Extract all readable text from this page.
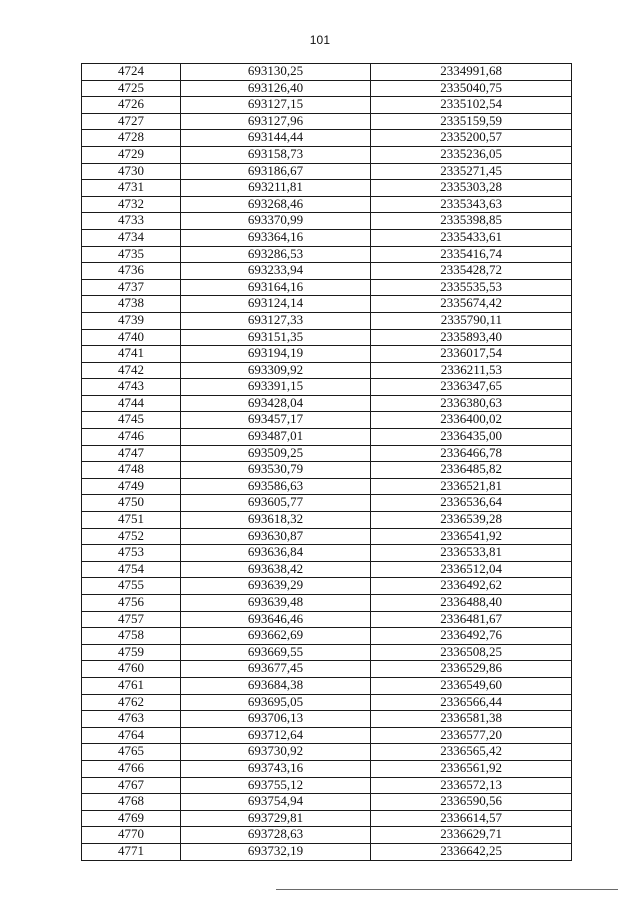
101
4724	693130,25	2334991,68
4725	693126,40	2335040,75
4726	693127,15	2335102,54
4727	693127,96	2335159,59
4728	693144,44	2335200,57
4729	693158,73	2335236,05
4730	693186,67	2335271,45
4731	693211,81	2335303,28
4732	693268,46	2335343,63
4733	693370,99	2335398,85
4734	693364,16	2335433,61
4735	693286,53	2335416,74
4736	693233,94	2335428,72
4737	693164,16	2335535,53
4738	693124,14	2335674,42
4739	693127,33	2335790,11
4740	693151,35	2335893,40
4741	693194,19	2336017,54
4742	693309,92	2336211,53
4743	693391,15	2336347,65
4744	693428,04	2336380,63
4745	693457,17	2336400,02
4746	693487,01	2336435,00
4747	693509,25	2336466,78
4748	693530,79	2336485,82
4749	693586,63	2336521,81
4750	693605,77	2336536,64
4751	693618,32	2336539,28
4752	693630,87	2336541,92
4753	693636,84	2336533,81
4754	693638,42	2336512,04
4755	693639,29	2336492,62
4756	693639,48	2336488,40
4757	693646,46	2336481,67
4758	693662,69	2336492,76
4759	693669,55	2336508,25
4760	693677,45	2336529,86
4761	693684,38	2336549,60
4762	693695,05	2336566,44
4763	693706,13	2336581,38
4764	693712,64	2336577,20
4765	693730,92	2336565,42
4766	693743,16	2336561,92
4767	693755,12	2336572,13
4768	693754,94	2336590,56
4769	693729,81	2336614,57
4770	693728,63	2336629,71
4771	693732,19	2336642,25
